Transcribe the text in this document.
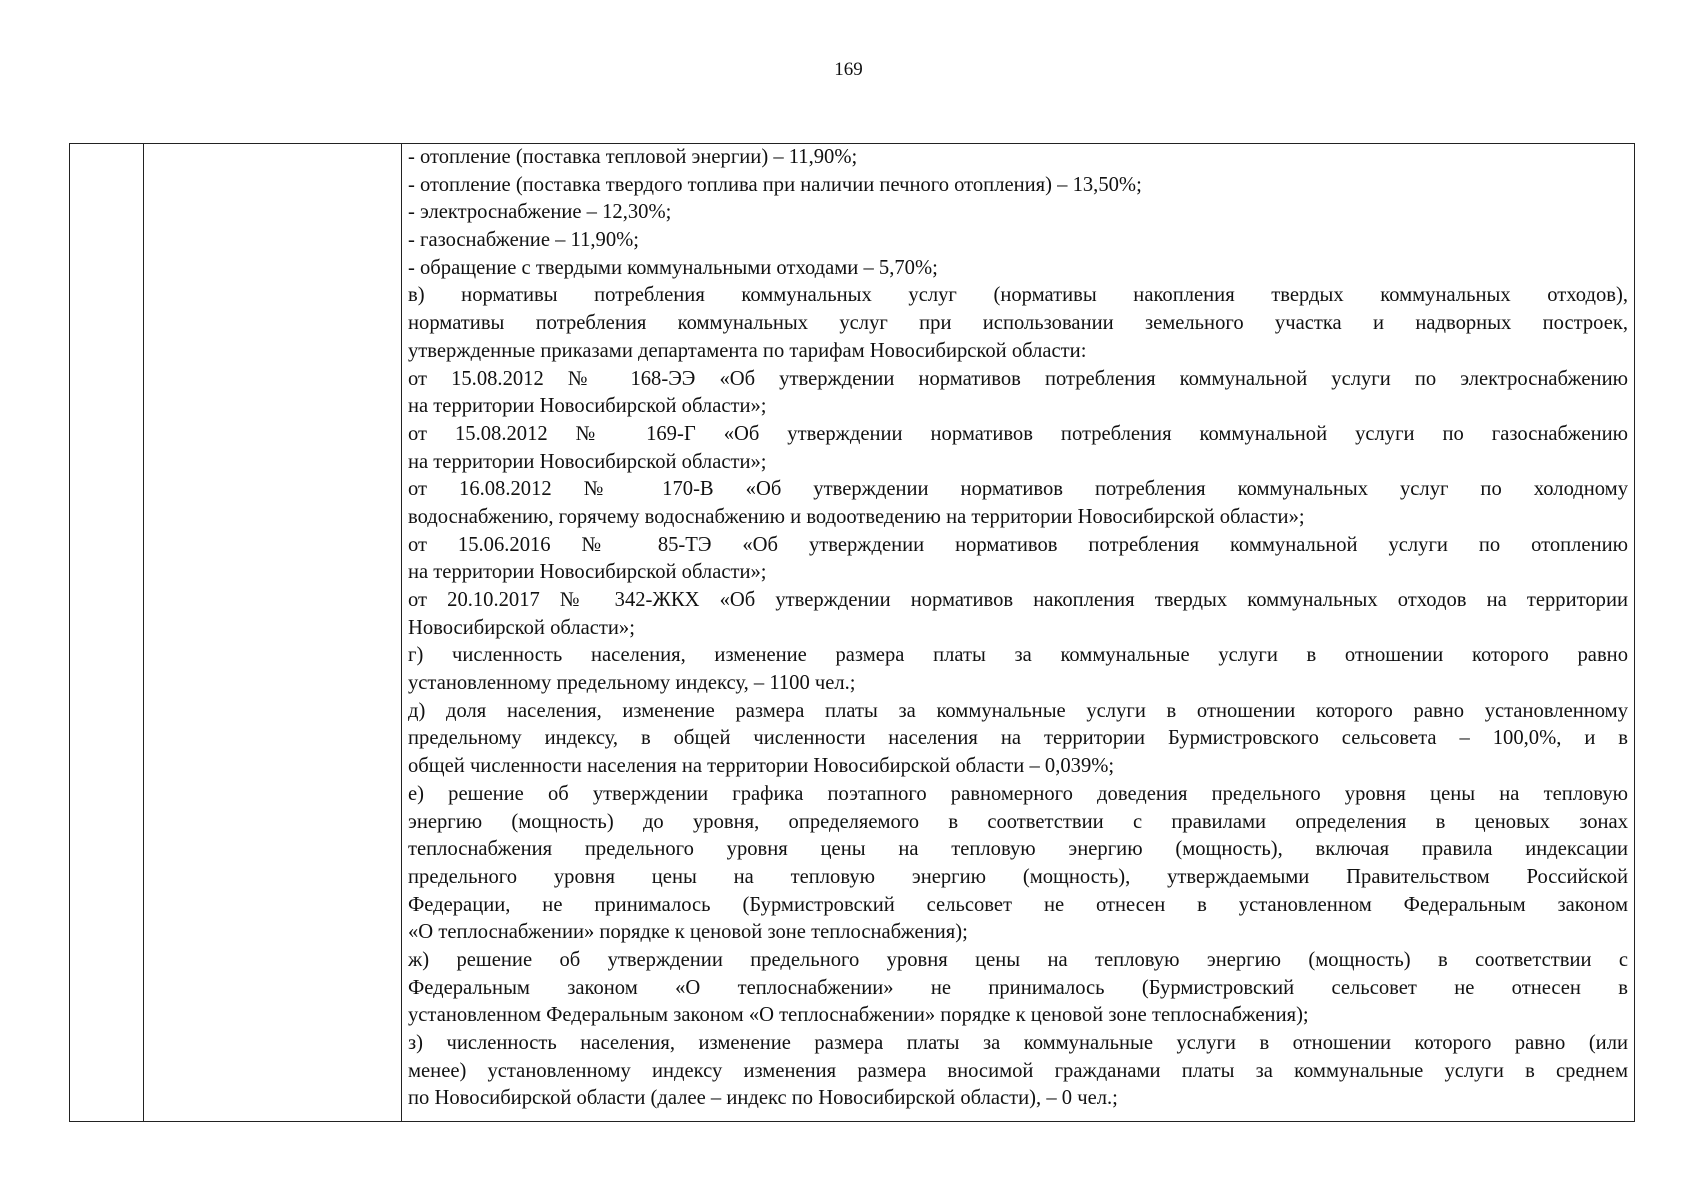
169
- отопление (поставка тепловой энергии) – 11,90%;
- отопление (поставка твердого топлива при наличии печного отопления) – 13,50%;
- электроснабжение – 12,30%;
- газоснабжение – 11,90%;
- обращение с твердыми коммунальными отходами – 5,70%;
в) нормативы потребления коммунальных услуг (нормативы накопления твердых коммунальных отходов),
нормативы потребления коммунальных услуг при использовании земельного участка и надворных построек,
утвержденные приказами департамента по тарифам Новосибирской области:
от 15.08.2012 № 168-ЭЭ «Об утверждении нормативов потребления коммунальной услуги по электроснабжению
на территории Новосибирской области»;
от 15.08.2012 № 169-Г «Об утверждении нормативов потребления коммунальной услуги по газоснабжению
на территории Новосибирской области»;
от 16.08.2012 № 170-В «Об утверждении нормативов потребления коммунальных услуг по холодному
водоснабжению, горячему водоснабжению и водоотведению на территории Новосибирской области»;
от 15.06.2016 № 85-ТЭ «Об утверждении нормативов потребления коммунальной услуги по отоплению
на территории Новосибирской области»;
от 20.10.2017 № 342-ЖКХ «Об утверждении нормативов накопления твердых коммунальных отходов на территории
Новосибирской области»;
г) численность населения, изменение размера платы за коммунальные услуги в отношении которого равно
установленному предельному индексу, – 1100 чел.;
д) доля населения, изменение размера платы за коммунальные услуги в отношении которого равно установленному
предельному индексу, в общей численности населения на территории Бурмистровского сельсовета – 100,0%, и в
общей численности населения на территории Новосибирской области – 0,039%;
е) решение об утверждении графика поэтапного равномерного доведения предельного уровня цены на тепловую
энергию (мощность) до уровня, определяемого в соответствии с правилами определения в ценовых зонах
теплоснабжения предельного уровня цены на тепловую энергию (мощность), включая правила индексации
предельного уровня цены на тепловую энергию (мощность), утверждаемыми Правительством Российской
Федерации, не принималось (Бурмистровский сельсовет не отнесен в установленном Федеральным законом
«О теплоснабжении» порядке к ценовой зоне теплоснабжения);
ж) решение об утверждении предельного уровня цены на тепловую энергию (мощность) в соответствии с
Федеральным законом «О теплоснабжении» не принималось (Бурмистровский сельсовет не отнесен в
установленном Федеральным законом «О теплоснабжении» порядке к ценовой зоне теплоснабжения);
з) численность населения, изменение размера платы за коммунальные услуги в отношении которого равно (или
менее) установленному индексу изменения размера вносимой гражданами платы за коммунальные услуги в среднем
по Новосибирской области (далее – индекс по Новосибирской области), – 0 чел.;
